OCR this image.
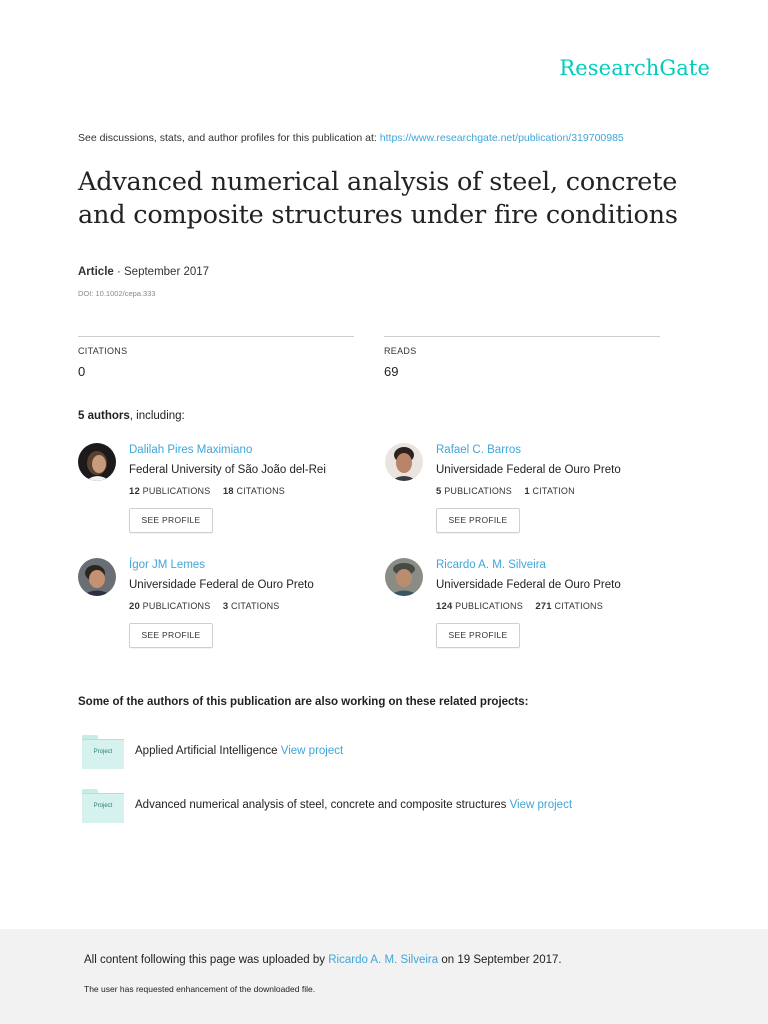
ResearchGate
See discussions, stats, and author profiles for this publication at: https://www.researchgate.net/publication/319700985
Advanced numerical analysis of steel, concrete and composite structures under fire conditions
Article · September 2017
DOI: 10.1002/cepa.333
CITATIONS
0
READS
69
5 authors, including:
Dalilah Pires Maximiano
Federal University of São João del-Rei
12 PUBLICATIONS 18 CITATIONS
SEE PROFILE
Rafael C. Barros
Universidade Federal de Ouro Preto
5 PUBLICATIONS 1 CITATION
SEE PROFILE
Ígor JM Lemes
Universidade Federal de Ouro Preto
20 PUBLICATIONS 3 CITATIONS
SEE PROFILE
Ricardo A. M. Silveira
Universidade Federal de Ouro Preto
124 PUBLICATIONS 271 CITATIONS
SEE PROFILE
Some of the authors of this publication are also working on these related projects:
Project	Applied Artificial Intelligence View project
Project	Advanced numerical analysis of steel, concrete and composite structures View project
All content following this page was uploaded by Ricardo A. M. Silveira on 19 September 2017.
The user has requested enhancement of the downloaded file.
